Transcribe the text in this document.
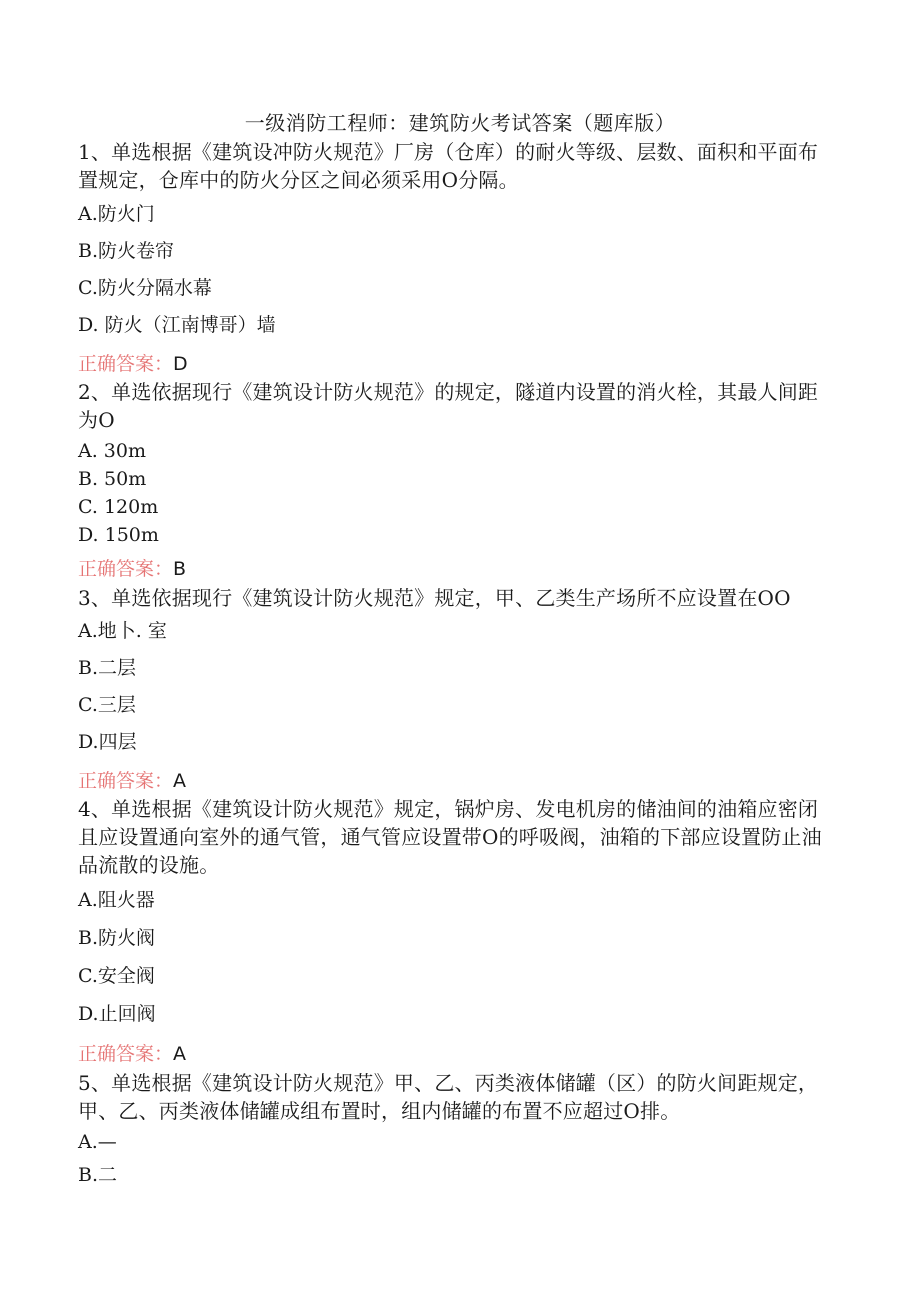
一级消防工程师：建筑防火考试答案（题库版）
1、单选根据《建筑设冲防火规范》厂房（仓库）的耐火等级、层数、面积和平面布置规定，仓库中的防火分区之间必须采用O分隔。
A.防火门
B.防火卷帘
C.防火分隔水幕
D. 防火（江南博哥）墙
正确答案：D
2、单选依据现行《建筑设计防火规范》的规定，隧道内设置的消火栓，其最人间距为O
A. 30m
B. 50m
C. 120m
D. 150m
正确答案：B
3、单选依据现行《建筑设计防火规范》规定，甲、乙类生产场所不应设置在OO
A.地卜. 室
B.二层
C.三层
D.四层
正确答案：A
4、单选根据《建筑设计防火规范》规定，锅炉房、发电机房的储油间的油箱应密闭且应设置通向室外的通气管，通气管应设置带O的呼吸阀，油箱的下部应设置防止油品流散的设施。
A.阻火器
B.防火阀
C.安全阀
D.止回阀
正确答案：A
5、单选根据《建筑设计防火规范》甲、乙、丙类液体储罐（区）的防火间距规定，甲、乙、丙类液体储罐成组布置时，组内储罐的布置不应超过O排。
A.—
B.二
